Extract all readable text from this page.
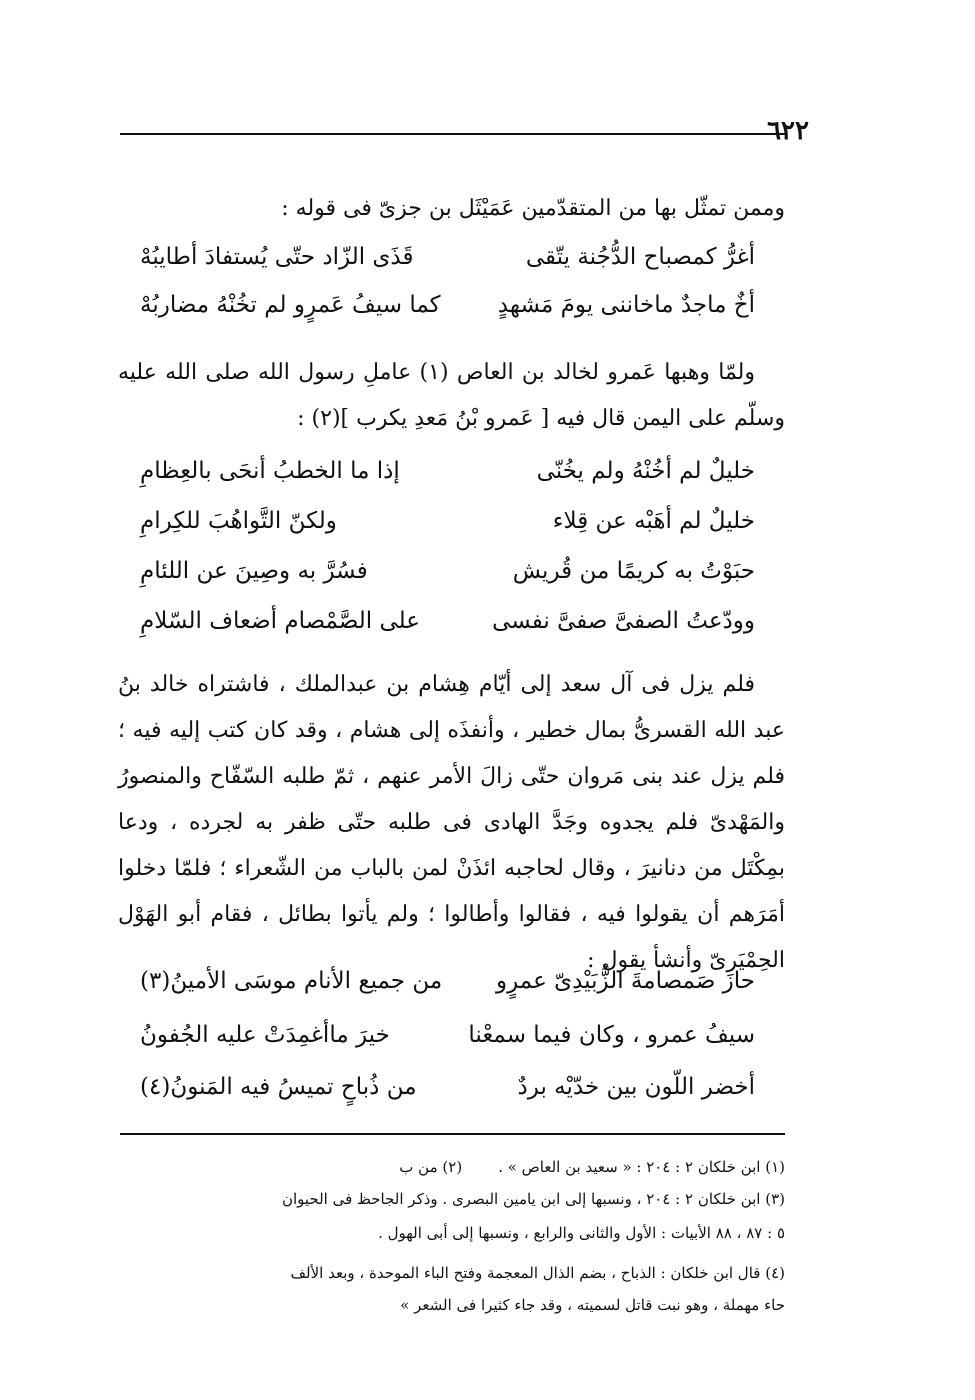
٦٢٢
وممن تمثّل بها من المتقدّمين عَمَيْثَل بن جزىّ فى قوله :
أغرُّ كمصباح الدُّجُنة يتّقى
قَذَى الزّاد حتّى يُستفادَ أطايبُهْ
أخٌ ماجدٌ ماخاننى يومَ مَشهدٍ
كما سيفُ عَمرٍو لم تخُنْهُ مضاربُهْ
ولمّا وهبها عَمرو لخالد بن العاص (١) عاملِ رسول الله صلى الله عليه وسلّم على اليمن قال فيه [ عَمرو بْنُ مَعدِ يكرب ](٢) :
خليلٌ لم أخُنْهُ ولم يخُنّى
إذا ما الخطبُ أنحَى بالعِظامِ
خليلٌ لم أهَبْه عن قِلاء
ولكنّ التَّواهُبَ للكِرامِ
حبَوْتُ به كريمًا من قُريش
فسُرَّ به وصِينَ عن اللئامِ
وودّعتُ الصفىَّ صفىَّ نفسى
على الصَّمْصام أضعاف السّلامِ
فلم يزل فى آل سعد إلى أيّام هِشام بن عبدالملك ، فاشتراه خالد بنُ عبد الله القسرىُّ بمال خطير ، وأنفذَه إلى هشام ، وقد كان كتب إليه فيه ؛ فلم يزل عند بنى مَروان حتّى زالَ الأمر عنهم ، ثمّ طلبه السّفّاح والمنصورُ والمَهْدىّ فلم يجدوه وجَدَّ الهادى فى طلبه حتّى ظفر به لجرده ، ودعا بمِكْتَل من دنانيرَ ، وقال لحاجبه ائذَنْ لمن بالباب من الشّعراء ؛ فلمّا دخلوا أمَرَهم أن يقولوا فيه ، فقالوا وأطالوا ؛ ولم يأتوا بطائل ، فقام أبو الهَوْل الحِمْيَرىّ وأنشأ يقول :
حازَ صَمصامةَ الزُّبَيْدِىّ عمرٍو
من جميع الأنام موسَى الأمينُ(٣)
سيفُ عمرو ، وكان فيما سمعْنا
خيرَ ماأغمِدَتْ عليه الجُفونُ
أخضر اللّون بين خدّيْه بردٌ
من ذُباحٍ تميسُ فيه المَنونُ(٤)
(١) ابن خلكان ٢ : ٢٠٤ : « سعيد بن العاص » .(٢) من ب
(٣) ابن خلكان ٢ : ٢٠٤ ، ونسبها إلى ابن يامين البصرى . وذكر الجاحظ فى الحيوان
٥ : ٨٧ ، ٨٨ الأبيات : الأول والثانى والرابع ، ونسبها إلى أبى الهول .
(٤) قال ابن خلكان : الذباح ، بضم الذال المعجمة وفتح الباء الموحدة ، وبعد الألف
حاء مهملة ، وهو نبت قاتل لسميته ، وقد جاء كثيرا فى الشعر »
